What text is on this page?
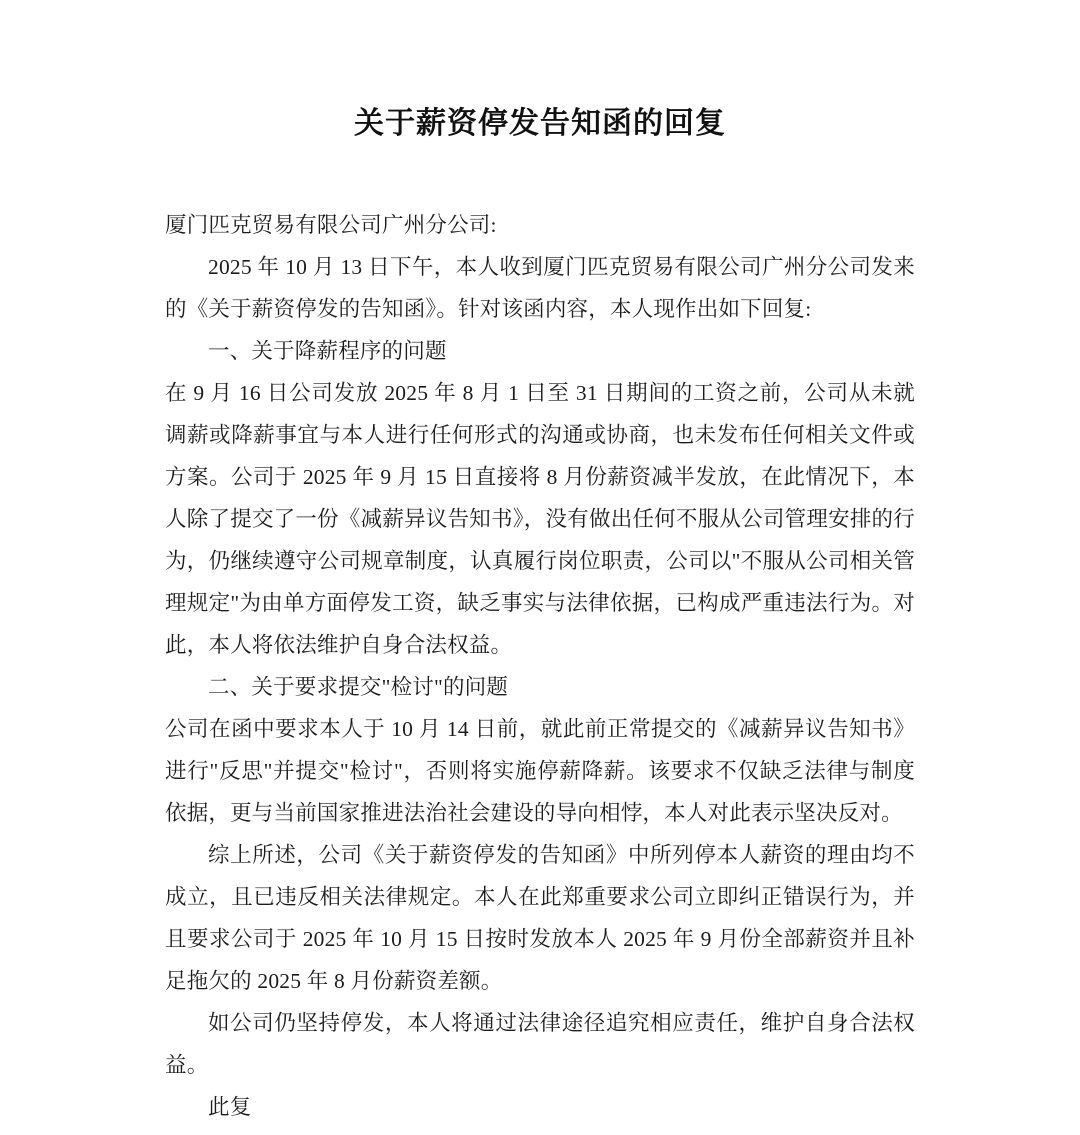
关于薪资停发告知函的回复

厦门匹克贸易有限公司广州分公司:

2025 年 10 月 13 日下午，本人收到厦门匹克贸易有限公司广州分公司发来的《关于薪资停发的告知函》。针对该函内容，本人现作出如下回复:

一、关于降薪程序的问题

在 9 月 16 日公司发放 2025 年 8 月 1 日至 31 日期间的工资之前，公司从未就调薪或降薪事宜与本人进行任何形式的沟通或协商，也未发布任何相关文件或方案。公司于 2025 年 9 月 15 日直接将 8 月份薪资减半发放，在此情况下，本人除了提交了一份《减薪异议告知书》，没有做出任何不服从公司管理安排的行为，仍继续遵守公司规章制度，认真履行岗位职责，公司以"不服从公司相关管理规定"为由单方面停发工资，缺乏事实与法律依据，已构成严重违法行为。对此，本人将依法维护自身合法权益。

二、关于要求提交"检讨"的问题

公司在函中要求本人于 10 月 14 日前，就此前正常提交的《减薪异议告知书》进行"反思"并提交"检讨"，否则将实施停薪降薪。该要求不仅缺乏法律与制度依据，更与当前国家推进法治社会建设的导向相悖，本人对此表示坚决反对。

综上所述，公司《关于薪资停发的告知函》中所列停本人薪资的理由均不成立，且已违反相关法律规定。本人在此郑重要求公司立即纠正错误行为，并且要求公司于 2025 年 10 月 15 日按时发放本人 2025 年 9 月份全部薪资并且补足拖欠的 2025 年 8 月份薪资差额。

如公司仍坚持停发，本人将通过法律途径追究相应责任，维护自身合法权益。

此复
